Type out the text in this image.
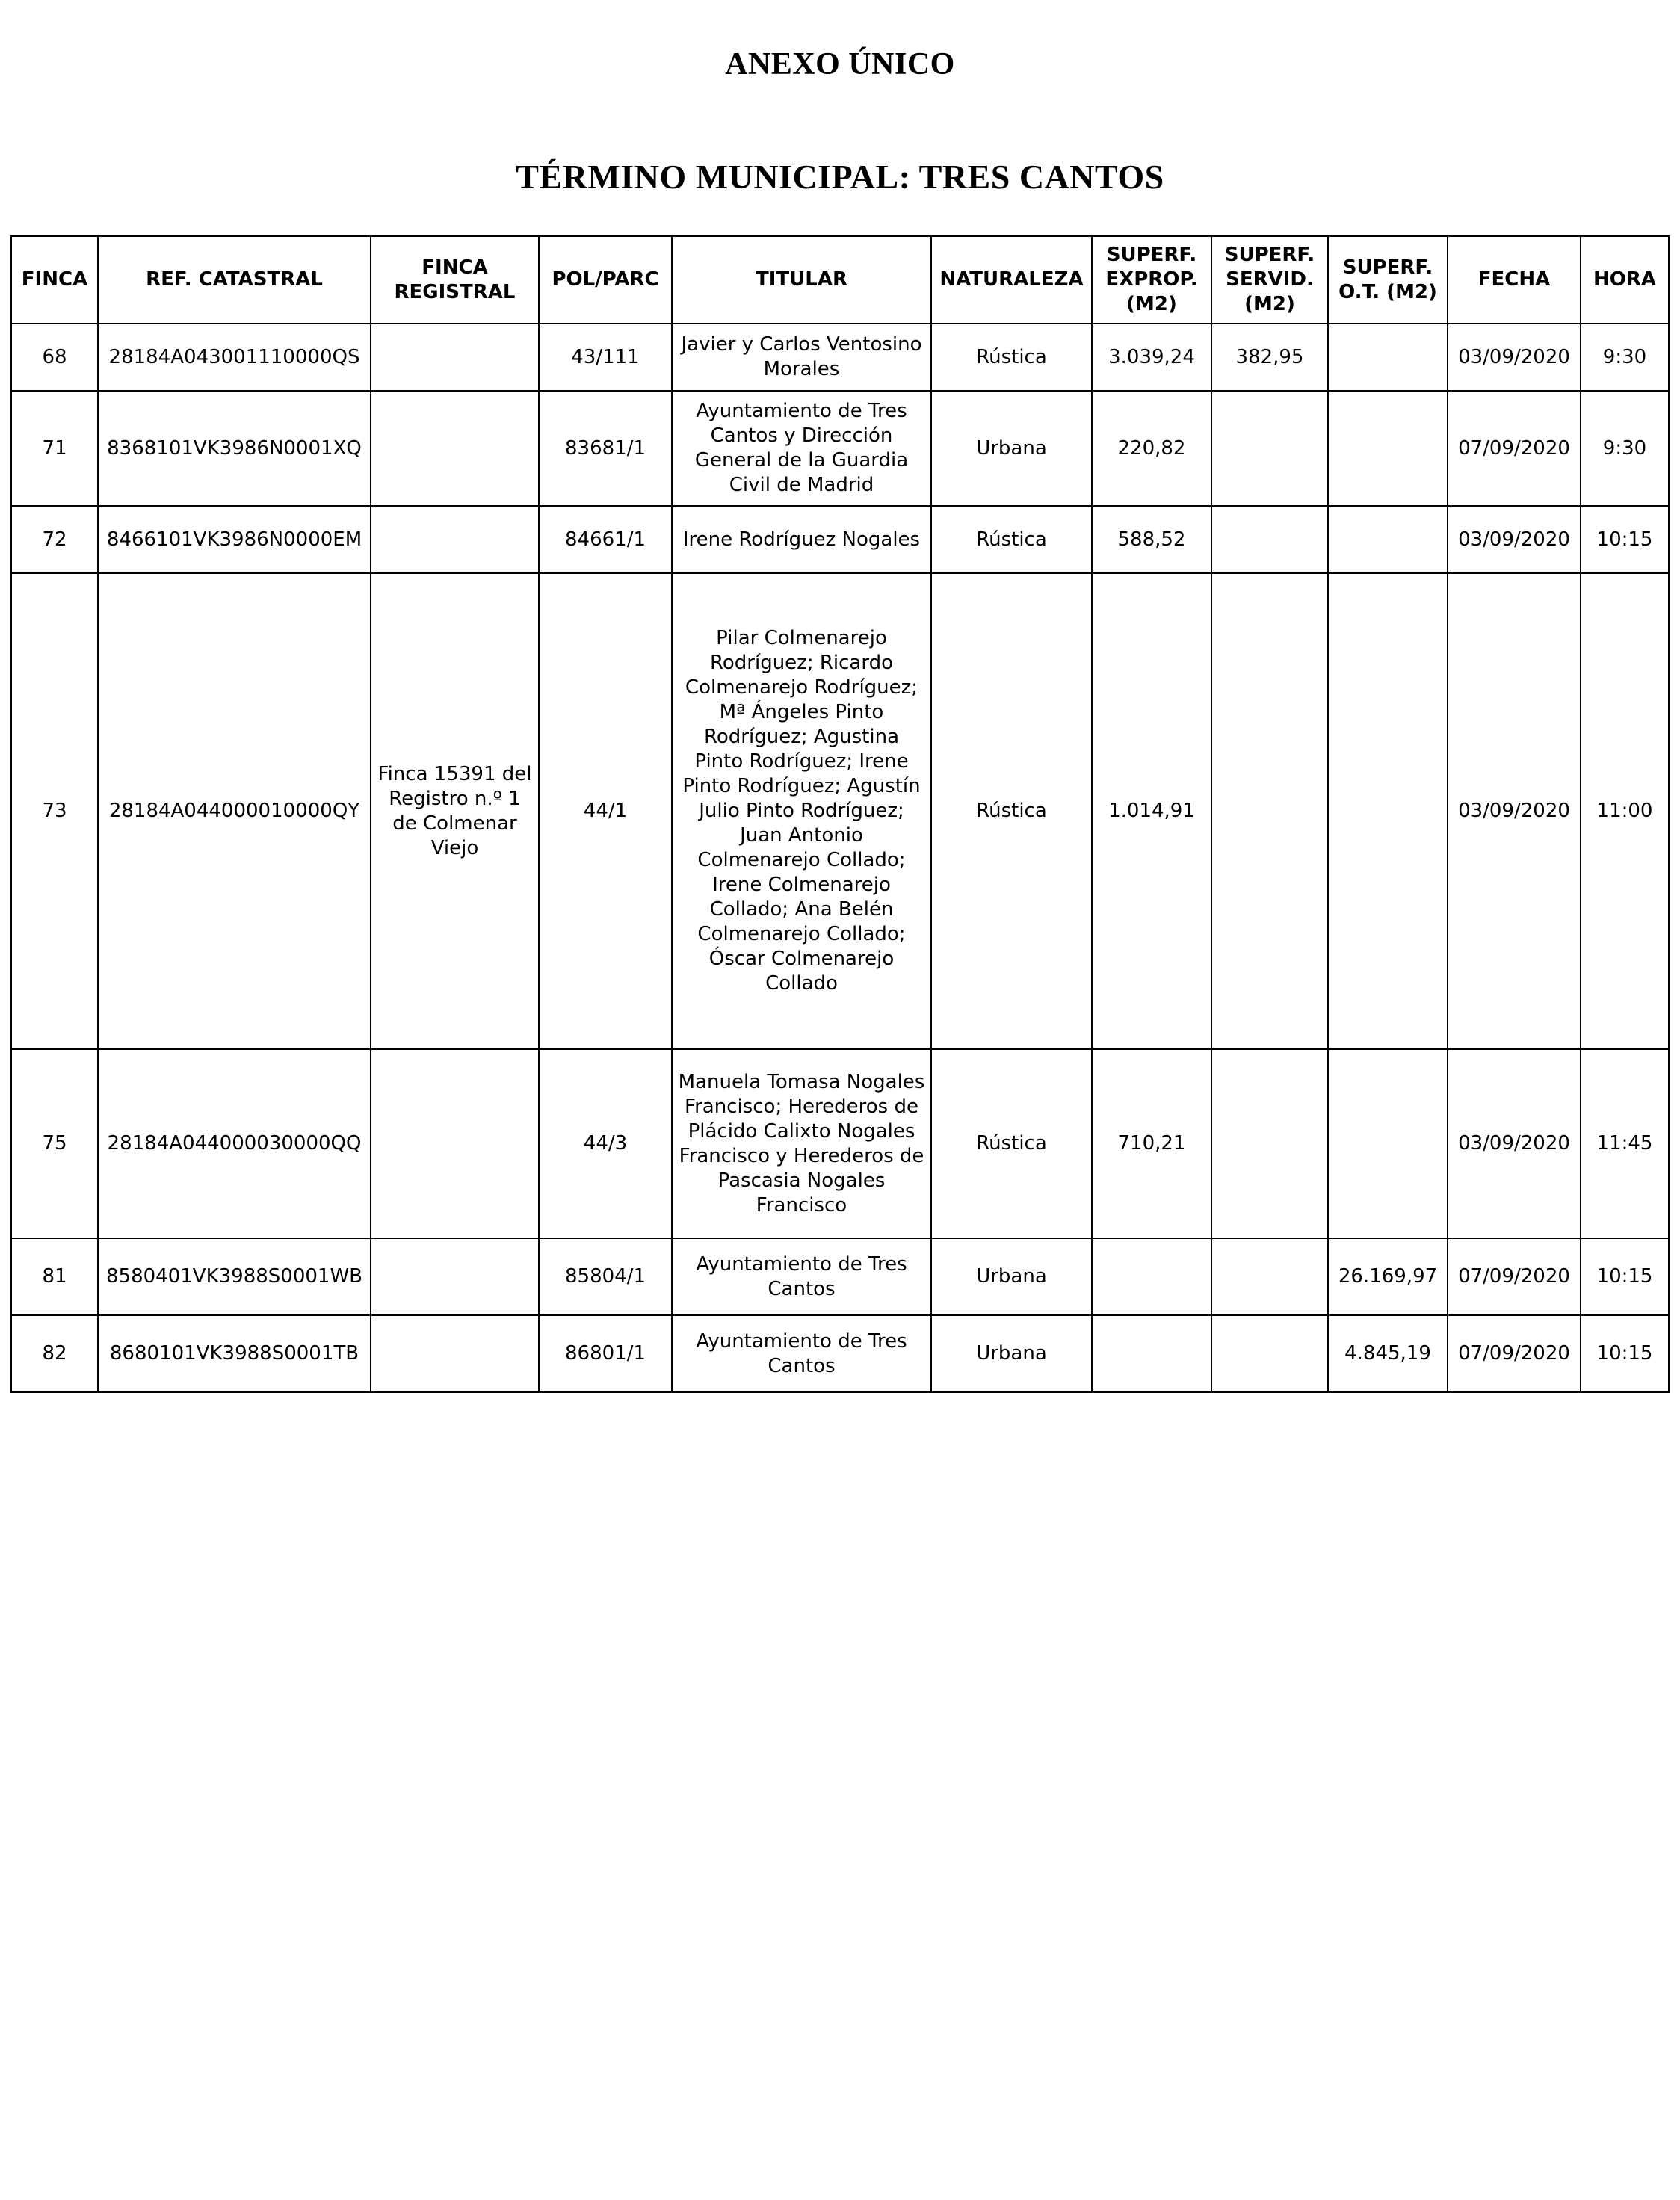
ANEXO ÚNICO
TÉRMINO MUNICIPAL: TRES CANTOS
FINCA	REF. CATASTRAL	FINCA REGISTRAL	POL/PARC	TITULAR	NATURALEZA	SUPERF. EXPROP. (M2)	SUPERF. SERVID. (M2)	SUPERF. O.T. (M2)	FECHA	HORA
68	28184A043001110000QS		43/111	Javier y Carlos Ventosino Morales	Rústica	3.039,24	382,95		03/09/2020	9:30
71	8368101VK3986N0001XQ		83681/1	Ayuntamiento de Tres Cantos y Dirección General de la Guardia Civil de Madrid	Urbana	220,82			07/09/2020	9:30
72	8466101VK3986N0000EM		84661/1	Irene Rodríguez Nogales	Rústica	588,52			03/09/2020	10:15
73	28184A044000010000QY	Finca 15391 del Registro n.º 1 de Colmenar Viejo	44/1	Pilar Colmenarejo Rodríguez; Ricardo Colmenarejo Rodríguez; Mª Ángeles Pinto Rodríguez; Agustina Pinto Rodríguez; Irene Pinto Rodríguez; Agustín Julio Pinto Rodríguez; Juan Antonio Colmenarejo Collado; Irene Colmenarejo Collado; Ana Belén Colmenarejo Collado; Óscar Colmenarejo Collado	Rústica	1.014,91			03/09/2020	11:00
75	28184A044000030000QQ		44/3	Manuela Tomasa Nogales Francisco; Herederos de Plácido Calixto Nogales Francisco y Herederos de Pascasia Nogales Francisco	Rústica	710,21			03/09/2020	11:45
81	8580401VK3988S0001WB		85804/1	Ayuntamiento de Tres Cantos	Urbana			26.169,97	07/09/2020	10:15
82	8680101VK3988S0001TB		86801/1	Ayuntamiento de Tres Cantos	Urbana			4.845,19	07/09/2020	10:15
